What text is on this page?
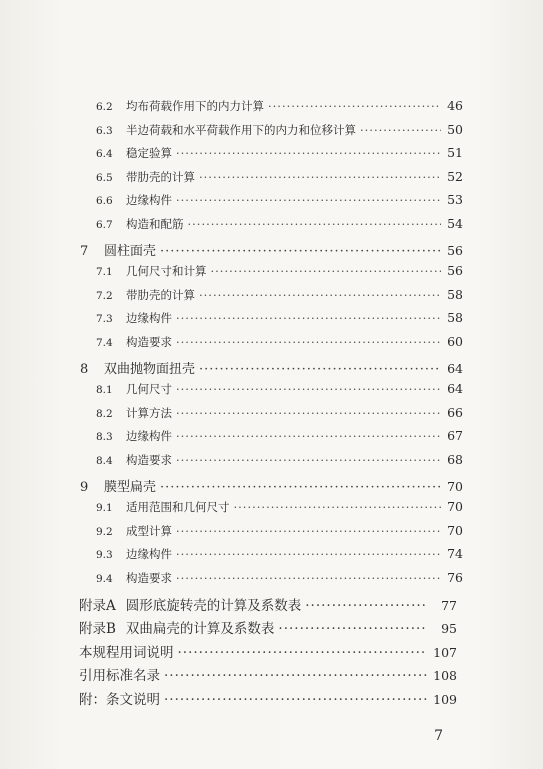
6.2 均布荷载作用下的内力计算 ·····	46
6.3 半边荷载和水平荷载作用下的内力和位移计算 ·····	50
6.4 稳定验算 ·····	51
6.5 带肋壳的计算 ·····	52
6.6 边缘构件 ·····	53
6.7 构造和配筋 ·····	54
7	圆柱面壳 ·····	56
7.1 几何尺寸和计算 ·····	56
7.2 带肋壳的计算 ·····	58
7.3 边缘构件 ·····	58
7.4 构造要求 ·····	60
8	双曲抛物面扭壳 ·····	64
8.1 几何尺寸 ·····	64
8.2 计算方法 ·····	66
8.3 边缘构件 ·····	67
8.4 构造要求 ·····	68
9	膜型扁壳 ·····	70
9.1 适用范围和几何尺寸 ·····	70
9.2 成型计算 ·····	70
9.3 边缘构件 ·····	74
9.4 构造要求 ·····	76
附录A 圆形底旋转壳的计算及系数表 ·····	77
附录B 双曲扁壳的计算及系数表 ·····	95
本规程用词说明 ·····	107
引用标准名录 ·····	108
附：条文说明 ·····	109
7
